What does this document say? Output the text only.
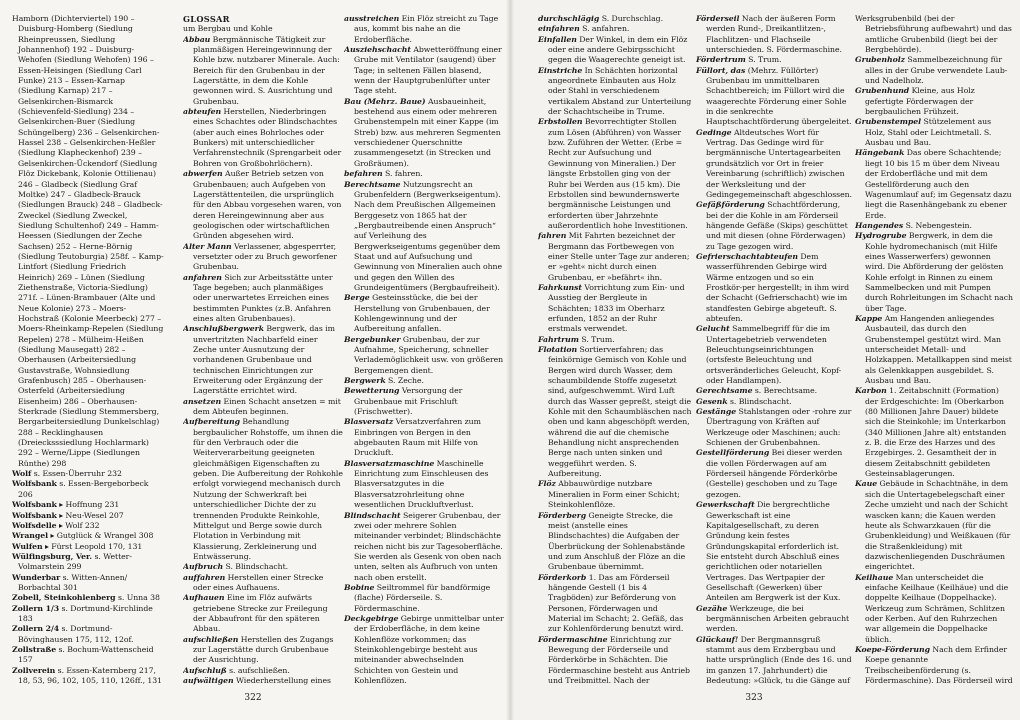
Hamborn (Dichterviertel) 190 – Duisburg-Homberg (Siedlung Rheinpreussen, Siedlung Johannenhof) 192 – Duisburg-Wehofen (Siedlung Wehofen) 196 – Essen-Heisingen (Siedlung Carl Funke) 213 – Essen-Karnap (Siedlung Karnap) 217 – Gelsenkirchen-Bismarck (Schievenfeld-Siedlung) 234 – Gelsenkirchen-Buer (Siedlung Schüngelberg) 236 – Gelsenkirchen-Hassel 238 – Gelsenkirchen-Heßler (Siedlung Klapheckenhof) 239 – Gelsenkirchen-Ückendorf (Siedlung Flöz Dickebank, Kolonie Ottilienau) 246 – Gladbeck (Siedlung Graf Moltke) 247 – Gladbeck-Brauck (Siedlungen Brauck) 248 – Gladbeck-Zweckel (Siedlung Zweckel, Siedlung Schultenhof) 249 – Hamm-Heessen (Siedlungen der Zeche Sachsen) 252 – Herne-Börnig (Siedlung Teutoburgia) 258f. – Kamp-Lintfort (Siedlung Friedrich Heinrich) 269 – Lünen (Siedlung Ziethenstraße, Victoria-Siedlung) 271f. – Lünen-Brambauer (Alte und Neue Kolonie) 273 – Moers-Hochstraß (Kolonie Meerbeck) 277 – Moers-Rheinkamp-Repelen (Siedlung Repelen) 278 – Mülheim-Heißen (Siedlung Mausegatt) 282 – Oberhausen (Arbeitersiedlung Gustavstraße, Wohnsiedlung Grafenbusch) 285 – Oberhausen-Osterfeld (Arbeitersiedlung Eisenheim) 286 – Oberhausen-Sterkrade (Siedlung Stemmersberg, Bergarbeitersiedlung Dunkelschlag) 288 – Recklinghausen (Dreiecksssiedlung Hochlarmark) 292 – Werne/Lippe (Siedlungen Rünthe) 298

Wolf s. Essen-Überruhr 232

Wolfsbank s. Essen-Bergeborbeck 206

Wolfsbank ▸ Hoffnung 231

Wolfsbank ▸ Neu-Wesel 207

Wolfsdelle ▸ Wolf 232

Wrangel ▸ Gutglück & Wrangel 308

Wulfen ▸ Fürst Leopold 170, 131

Wülfingsburg, Ver. s. Wetter-Volmarstein 299

Wunderbar s. Witten-Annen/ Borbachtal 301

Zobell, Steinkohlenberg s. Unna 38

Zollern 1/3 s. Dortmund-Kirchlinde 183

Zollern 2/4 s. Dortmund-Bövinghausen 175, 112, 12of.

Zollstraße s. Bochum-Wattenscheid 157

Zollverein s. Essen-Katernberg 217, 18, 53, 96, 102, 105, 110, 126ff., 131

GLOSSAR
um Bergbau und Kohle

Abbau Bergmännische Tätigkeit zur planmäßigen Hereingewinnung der Kohle bzw. nutzbarer Minerale. Auch: Bereich für den Grubenbau in der Lagerstätte, in dem die Kohle gewonnen wird. S. Ausrichtung und Grubenbau.

abteufen Herstellen, Niederbringen eines Schachtes oder Blindschachtes (aber auch eines Bohrloches oder Bunkers) mit unterschiedlicher Verfahrenstechnik (Sprengarbeit oder Bohren von Großbohrlöchern).

abwerfen Außer Betrieb setzen von Grubenbauen; auch Aufgeben von Lagerstättenteilen, die ursprünglich für den Abbau vorgesehen waren, von deren Hereingewinnung aber aus geologischen oder wirtschaftlichen Gründen abgesehen wird.

Alter Mann Verlassener, abgesperrter, versetzter oder zu Bruch geworfener Grubenbau.

anfahren Sich zur Arbeitsstätte unter Tage begeben; auch planmäßiges oder unerwartetes Erreichen eines bestimmten Punktes (z.B. Anfahren eines alten Grubenbaues).

Anschlußbergwerk Bergwerk, das im unvertritzten Nachbarfeld einer Zeche unter Ausnutzung der vorhandenen Grubenbaue und technischen Einrichtungen zur Erweiterung oder Ergänzung der Lagerstätte errichtet wird.

ansetzen Einen Schacht ansetzen = mit dem Abteufen beginnen.

Aufbereitung Behandlung bergbaulicher Rohstoffe, um ihnen die für den Verbrauch oder die Weiterverarbeitung geeigneten gleichmäßigen Eigenschaften zu geben. Die Aufbereitung der Rohkohle erfolgt vorwiegend mechanisch durch Nutzung der Schwerkraft bei unterschiedlicher Dichte der zu trennenden Produkte Reinkohle, Mittelgut und Berge sowie durch Flotation in Verbindung mit Klassierung, Zerkleinerung und Entwässerung.

Aufbruch S. Blindschacht.

auffahren Herstellen einer Strecke oder eines Aufhauens.

Aufhauen Eine im Flöz aufwärts getriebene Strecke zur Freilegung der Abbaufront für den späteren Abbau.

aufschließen Herstellen des Zugangs zur Lagerstätte durch Grubenbaue der Ausrichtung.

Aufschluß s. aufschließen.

aufwältigen Wiederherstellung eines

ausstreichen Ein Flöz streicht zu Tage aus, kommt bis nahe an die Erdoberfläche.

Ausziehschacht Abwetteröffnung einer Grube mit Ventilator (saugend) über Tage; in seltenen Fällen blasend, wenn der Hauptgrubenlüfter unter Tage steht.

Bau (Mehrz. Baue) Ausbaueinheit, bestehend aus einem oder mehreren Grubenstempeln mit einer Kappe (im Streb) bzw. aus mehreren Segmenten verschiedener Querschnitte zusammengesetzt (in Strecken und Großräumen).

befahren S. fahren.

Berechtsame Nutzungsrecht an Grubenfeldern (Bergwerkseigentum). Nach dem Preußischen Allgemeinen Berggesetz von 1865 hat der „Bergbautreibende einen Anspruch“ auf Verleihung des Bergwerkseigentums gegenüber dem Staat und auf Aufsuchung und Gewinnung von Mineralien auch ohne und gegen den Willen des Grundeigentümers (Bergbaufreiheit).

Berge Gesteinsstücke, die bei der Herstellung von Grubenbauen, der Kohlengewinnung und der Aufbereitung anfallen.

Bergebunker Grubenbau, der zur Aufnahme, Speicherung, schneller Verlademöglichkeit usw. von größeren Bergemengen dient.

Bergwerk S. Zeche.

Bewetterung Versorgung der Grubenbaue mit Frischluft (Frischwetter).

Blasversatz Versatzverfahren zum Einbringen von Bergen in den abgebauten Raum mit Hilfe von Druckluft.

Blasversatzmaschine Maschinelle Einrichtung zum Einschleusen des Blasversatzgutes in die Blasversatzrohrleitung ohne wesentlichen Druckluftverlust.

Blindschacht Seigerer Grubenbau, der zwei oder mehrere Sohlen miteinander verbindet; Blindschächte reichen nicht bis zur Tagesoberfläche. Sie werden als Gesenk von oben nach unten, selten als Aufbruch von unten nach oben erstellt.

Bobine Seiltrommel für bandförmige (flache) Förderseile. S. Fördermaschine.

Deckgebirge Gebirge unmittelbar unter der Erdoberfläche, in dem keine Kohlenflöze vorkommen; das Steinkohlengebirge besteht aus miteinander abwechselnden Schichten von Gestein und Kohlenflözen.

durchschlägig S. Durchschlag.

einfahren S. anfahren.

Einfallen Der Winkel, in dem ein Flöz oder eine andere Gebirgsschicht gegen die Waagerechte geneigt ist.

Einstriche In Schächten horizontal angeordnete Einbauten aus Holz oder Stahl in verschiedenem vertikalem Abstand zur Unterteilung der Schachtscheibe in Trume.

Erbstollen Bevorrechtigter Stollen zum Lösen (Abführen) von Wasser bzw. Zuführen der Wetter. (Erbe = Recht zur Aufsuchung und Gewinnung von Mineralien.) Der längste Erbstollen ging von der Ruhr bei Werden aus (15 km). Die Erbstollen sind bewundernswerte bergmännische Leistungen und erforderten über Jahrzehnte außerordentlich hohe Investitionen.

fahren Mit Fahrten bezeichnet der Bergmann das Fortbewegen von einer Stelle unter Tage zur anderen; er »geht« nicht durch einen Grubenbau, er »befährt« ihn.

Fahrkunst Vorrichtung zum Ein- und Ausstieg der Bergleute in Schächten; 1833 im Oberharz erfunden, 1852 an der Ruhr erstmals verwendet.

Fahrtrum S. Trum.

Flotation Sortierverfahren; das feinkörnige Gemisch von Kohle und Bergen wird durch Wasser, dem schaumbildende Stoffe zugesetzt sind, aufgeschwemmt. Wird Luft durch das Wasser gepreßt, steigt die Kohle mit den Schaumbläschen nach oben und kann abgeschöpft werden, während die auf die chemische Behandlung nicht ansprechenden Berge nach unten sinken und weggeführt werden. S. Aufbereitung.

Flöz Abbauwürdige nutzbare Mineralien in Form einer Schicht; Steinkohlenflöze.

Förderberg Geneigte Strecke, die meist (anstelle eines Blindschachtes) die Aufgaben der Überbrückung der Sohlenabstände und zum Anschluß der Flöze an die Grubenbaue übernimmt.

Förderkorb 1. Das am Förderseil hängende Gestell (1 bis 4 Tragböden) zur Beförderung von Personen, Förderwagen und Material im Schacht; 2. Gefäß, das zur Kohlenförderung benutzt wird.

Fördermaschine Einrichtung zur Bewegung der Förderseile und Förderkörbe in Schächten. Die Fördermaschine besteht aus Antrieb und Treibmittel. Nach der

Förderseil Nach der äußeren Form werden Rund-, Dreikantlitzen-, Flachlitzen- und Flachseile unterschieden. S. Fördermaschine.

Fördertrum S. Trum.

Füllort, das (Mehrz. Füllörter) Grubenbau im unmittelbaren Schachtbereich; im Füllort wird die waagerechte Förderung einer Sohle in die senkrechte Hauptschachtförderung übergeleitet.

Gedinge Altdeutsches Wort für Vertrag. Das Gedinge wird für bergmännische Untertagearbeiten grundsätzlich vor Ort in freier Vereinbarung (schriftlich) zwischen der Werksleitung und der Gedingegemeinschaft abgeschlossen.

Gefäßförderung Schachtförderung, bei der die Kohle in am Förderseil hängende Gefäße (Skips) geschüttet und mit diesen (ohne Förderwagen) zu Tage gezogen wird.

Gefrierschachtabteufen Dem wasserführenden Gebirge wird Wärme entzogen und so ein Frostkör-per hergestellt; in ihm wird der Schacht (Gefrierschacht) wie im standfesten Gebirge abgeteuft. S. abteufen.

Gelucht Sammelbegriff für die im Untertagebetrieb verwendeten Beleuchtungseinrichtungen (ortsfeste Beleuchtung und ortsveränderliches Geleucht, Kopf- oder Handlampen).

Gerechtsame s. Berechtsame.

Gesenk s. Blindschacht.

Gestänge Stahlstangen oder -rohre zur Übertragung von Kräften auf Werkzeuge oder Maschinen; auch: Schienen der Grubenbahnen.

Gestellförderung Bei dieser werden die vollen Förderwagen auf am Förderseil hängende Förderkörbe (Gestelle) geschoben und zu Tage gezogen.

Gewerkschaft Die bergrechtliche Gewerkschaft ist eine Kapitalgesellschaft, zu deren Gründung kein festes Gründungskapital erforderlich ist. Sie entsteht durch Abschluß eines gerichtlichen oder notariellen Vertrages. Das Wertpapier der Gesellschaft (Gewerken) über Anteilen am Bergwerk ist der Kux.

Gezähe Werkzeuge, die bei bergmännischen Arbeiten gebraucht werden.

Glückauf! Der Bergmannsgruß stammt aus dem Erzbergbau und hatte ursprünglich (Ende des 16. und im ganzen 17. Jahrhundert) die Bedeutung: »Glück, tu die Gänge auf

Werksgrubenbild (bei der Betriebsführung aufbewahrt) und das amtliche Grubenbild (liegt bei der Bergbehörde).

Grubenholz Sammelbezeichnung für alles in der Grube verwendete Laub- und Nadelholz.

Grubenhund Kleine, aus Holz gefertigte Förderwagen der bergbaulichen Frühzeit.

Grubenstempel Stützelement aus Holz, Stahl oder Leichtmetall. S. Ausbau und Bau.

Hängebank Das obere Schachtende; liegt 10 bis 15 m über dem Niveau der Erdoberfläche und mit dem Gestellförderung auch den Wagenumlauf auf; im Gegensatz dazu liegt die Rasenhängebank zu ebener Erde.

Hangendes S. Nebengestein.

Hydrogrube Bergwerk, in dem die Kohle hydromechanisch (mit Hilfe eines Wasserwerfers) gewonnen wird. Die Abförderung der gelösten Kohle erfolgt in Rinnen zu einem Sammelbecken und mit Pumpen durch Rohrleitungen im Schacht nach über Tage.

Kappe Am Hangenden anliegendes Ausbauteil, das durch den Grubenstempel gestützt wird. Man unterscheidet Metall- und Holzkappen. Metallkappen sind meist als Gelenkkappen ausgebildet. S. Ausbau und Bau.

Karbon 1. Zeitabschnitt (Formation) der Erdgeschichte: Im (Oberkarbon (80 Millionen Jahre Dauer) bildete sich die Steinkohle; im Unterkarbon (340 Millionen Jahre alt) entstanden z. B. die Erze des Harzes und des Erzgebirges. 2. Gesamtheit der in diesem Zeitabschnitt gebildeten Gesteinsablagerungen.

Kaue Gebäude in Schachtnähe, in dem sich die Untertagebelegschaft einer Zeche umzieht und nach der Schicht wascken kann; die Kauen werden heute als Schwarzkauen (für die Grubenkleidung) und Weißkauen (für die Straßenkleidung) mit dazwischenliegenden Duschräumen eingerichtet.

Keilhaue Man unterscheidet die einfache Keilhaue (Keilhäue) und die doppelte Keilhaue (Doppelhacke). Werkzeug zum Schrämen, Schlitzen oder Kerben. Auf den Ruhrzechen war allgemein die Doppelhacke üblich.

Koepe-Förderung Nach dem Erfinder Koepe genannte Treibscheibenförderung (s. Fördermaschine). Das Förderseil wird

322	323
